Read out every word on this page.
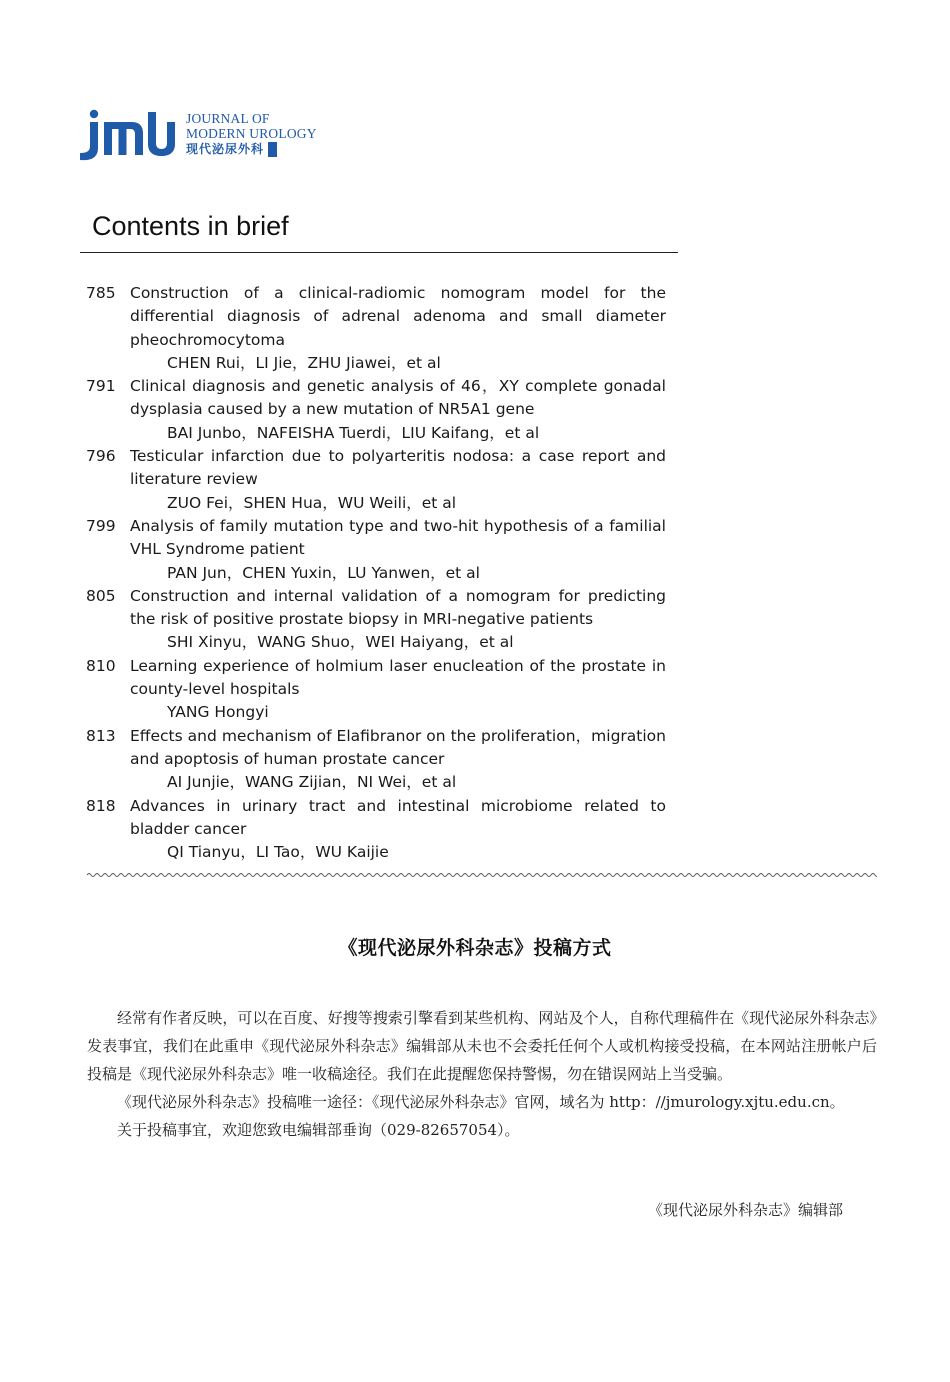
JOURNAL OF
MODERN UROLOGY
现代泌尿外科
Contents in brief
785 Construction of a clinical-radiomic nomogram model for the differential diagnosis of adrenal adenoma and small diameter pheochromocytoma
CHEN Rui，LI Jie，ZHU Jiawei，et al
791 Clinical diagnosis and genetic analysis of 46，XY complete gonadal dysplasia caused by a new mutation of NR5A1 gene
BAI Junbo，NAFEISHA Tuerdi，LIU Kaifang，et al
796 Testicular infarction due to polyarteritis nodosa: a case report and literature review
ZUO Fei，SHEN Hua，WU Weili，et al
799 Analysis of family mutation type and two-hit hypothesis of a familial VHL Syndrome patient
PAN Jun，CHEN Yuxin，LU Yanwen，et al
805 Construction and internal validation of a nomogram for predicting the risk of positive prostate biopsy in MRI-negative patients
SHI Xinyu，WANG Shuo，WEI Haiyang，et al
810 Learning experience of holmium laser enucleation of the prostate in county-level hospitals
YANG Hongyi
813 Effects and mechanism of Elafibranor on the proliferation，migration and apoptosis of human prostate cancer
AI Junjie，WANG Zijian，NI Wei，et al
818 Advances in urinary tract and intestinal microbiome related to bladder cancer
QI Tianyu，LI Tao，WU Kaijie
《现代泌尿外科杂志》投稿方式

经常有作者反映，可以在百度、好搜等搜索引擎看到某些机构、网站及个人，自称代理稿件在《现代泌尿外科杂志》发表事宜，我们在此重申《现代泌尿外科杂志》编辑部从未也不会委托任何个人或机构接受投稿，在本网站注册帐户后投稿是《现代泌尿外科杂志》唯一收稿途径。我们在此提醒您保持警惕，勿在错误网站上当受骗。

《现代泌尿外科杂志》投稿唯一途径：《现代泌尿外科杂志》官网，域名为 http：//jmurology.xjtu.edu.cn。

关于投稿事宜，欢迎您致电编辑部垂询（029-82657054）。

《现代泌尿外科杂志》编辑部
